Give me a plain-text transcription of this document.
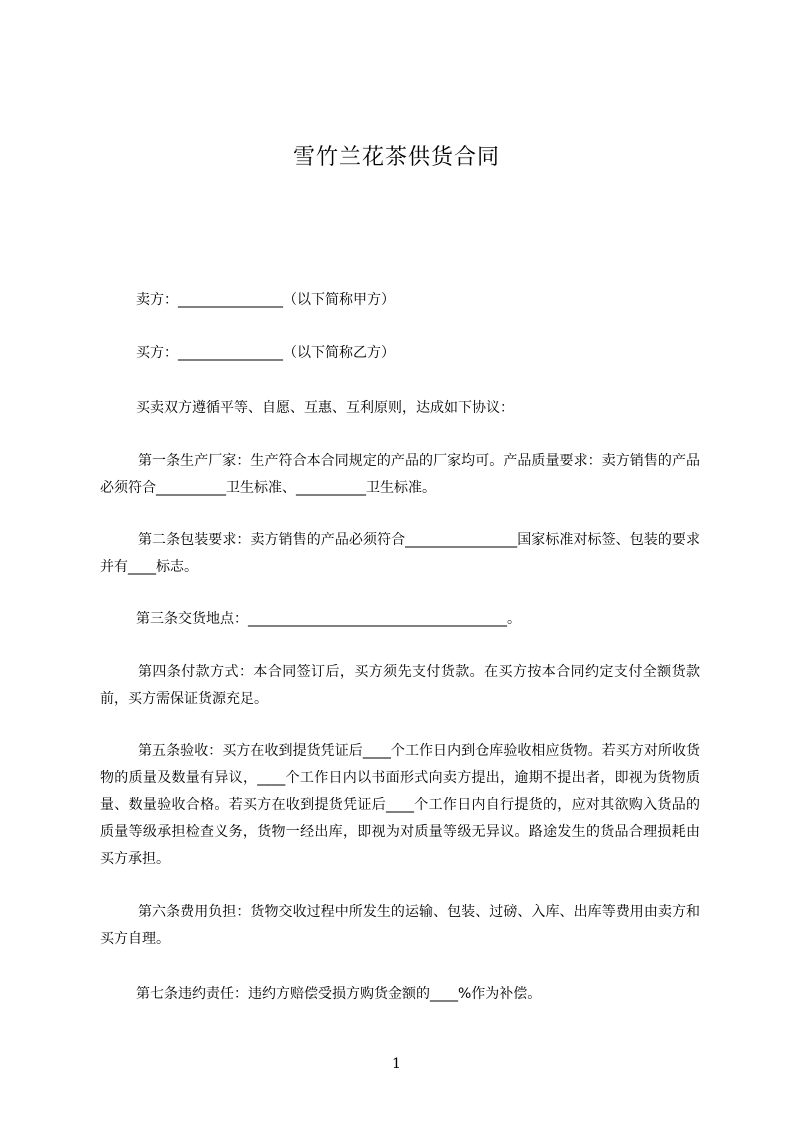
雪竹兰花茶供货合同
卖方：_______________（以下简称甲方）
买方：_______________（以下简称乙方）
买卖双方遵循平等、自愿、互惠、互利原则，达成如下协议：
第一条生产厂家：生产符合本合同规定的产品的厂家均可。产品质量要求：卖方销售的产品必须符合__________卫生标准、__________卫生标准。
第二条包装要求：卖方销售的产品必须符合________________国家标准对标签、包装的要求并有____标志。
第三条交货地点：_____________________________________。
第四条付款方式：本合同签订后，买方须先支付货款。在买方按本合同约定支付全额货款前，买方需保证货源充足。
第五条验收：买方在收到提货凭证后____个工作日内到仓库验收相应货物。若买方对所收货物的质量及数量有异议，____个工作日内以书面形式向卖方提出，逾期不提出者，即视为货物质量、数量验收合格。若买方在收到提货凭证后____个工作日内自行提货的，应对其欲购入货品的质量等级承担检查义务，货物一经出库，即视为对质量等级无异议。路途发生的货品合理损耗由买方承担。
第六条费用负担：货物交收过程中所发生的运输、包装、过磅、入库、出库等费用由卖方和买方自理。
第七条违约责任：违约方赔偿受损方购货金额的____%作为补偿。
1
